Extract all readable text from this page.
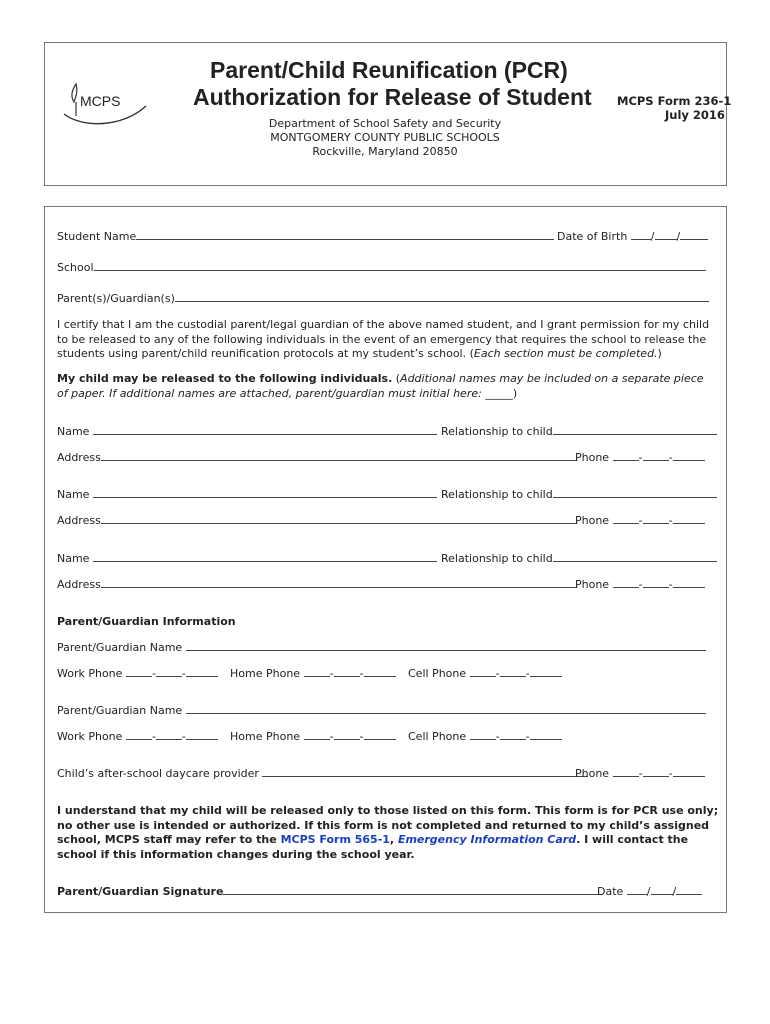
MCPS
Parent/Child Reunification (PCR)
Authorization for Release of Student MCPS Form 236-1
July 2016
Department of School Safety and Security
MONTGOMERY COUNTY PUBLIC SCHOOLS
Rockville, Maryland 20850
Student Name	Date of Birth / /
School
Parent(s)/Guardian(s)
I certify that I am the custodial parent/legal guardian of the above named student, and I grant permission for my child to be released to any of the following individuals in the event of an emergency that requires the school to release the students using parent/child reunification protocols at my student’s school. (Each section must be completed.)
My child may be released to the following individuals. (Additional names may be included on a separate piece of paper. If additional names are attached, parent/guardian must initial here: _____)
Name	Relationship to child
Address	Phone	- -
Name	Relationship to child
Address	Phone	- -
Name	Relationship to child
Address	Phone	- -
Parent/Guardian Information
Parent/Guardian Name
Work Phone	- -	Home Phone	- -	Cell Phone	- -
Parent/Guardian Name
Work Phone	- -	Home Phone	- -	Cell Phone	- -
Child’s after-school daycare provider	Phone	- -
I understand that my child will be released only to those listed on this form. This form is for PCR use only; no other use is intended or authorized. If this form is not completed and returned to my child’s assigned school, MCPS staff may refer to the MCPS Form 565-1, Emergency Information Card. I will contact the school if this information changes during the school year.
Parent/Guardian Signature	Date / /
